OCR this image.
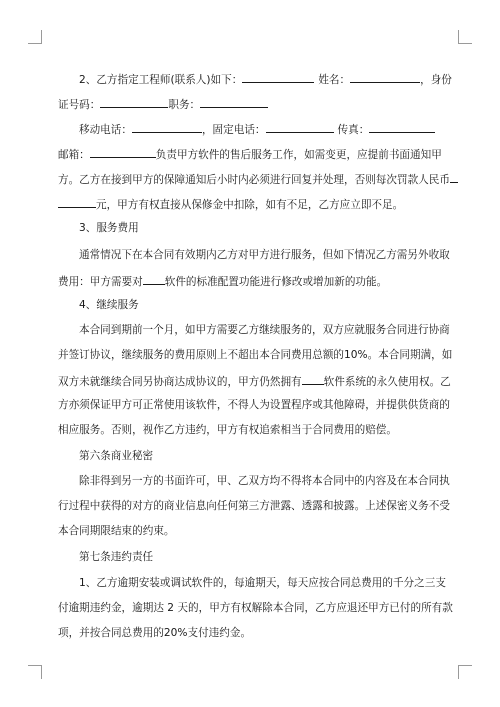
2、乙方指定工程师(联系人)如下：	姓名：	，身份
证号码：	职务：
移动电话：	，固定电话：	传真：
邮箱：	负责甲方软件的售后服务工作，如需变更，应提前书面通知甲
方。乙方在接到甲方的保障通知后小时内必须进行回复并处理，否则每次罚款人民币
元，甲方有权直接从保修金中扣除，如有不足，乙方应立即不足。
3、服务费用
通常情况下在本合同有效期内乙方对甲方进行服务，但如下情况乙方需另外收取
费用：甲方需要对 软件的标准配置功能进行修改或增加新的功能。
4、继续服务
本合同到期前一个月，如甲方需要乙方继续服务的，双方应就服务合同进行协商
并签订协议，继续服务的费用原则上不超出本合同费用总额的10%。本合同期满，如
双方未就继续合同另协商达成协议的，甲方仍然拥有 软件系统的永久使用权。乙
方亦须保证甲方可正常使用该软件，不得人为设置程序或其他障碍，并提供供货商的
相应服务。否则，视作乙方违约，甲方有权追索相当于合同费用的赔偿。
第六条商业秘密
除非得到另一方的书面许可，甲、乙双方均不得将本合同中的内容及在本合同执
行过程中获得的对方的商业信息向任何第三方泄露、透露和披露。上述保密义务不受
本合同期限结束的约束。
第七条违约责任
1、乙方逾期安装或调试软件的，每逾期天，每天应按合同总费用的千分之三支
付逾期违约金，逾期达 2 天的，甲方有权解除本合同，乙方应退还甲方已付的所有款
项，并按合同总费用的20%支付违约金。
